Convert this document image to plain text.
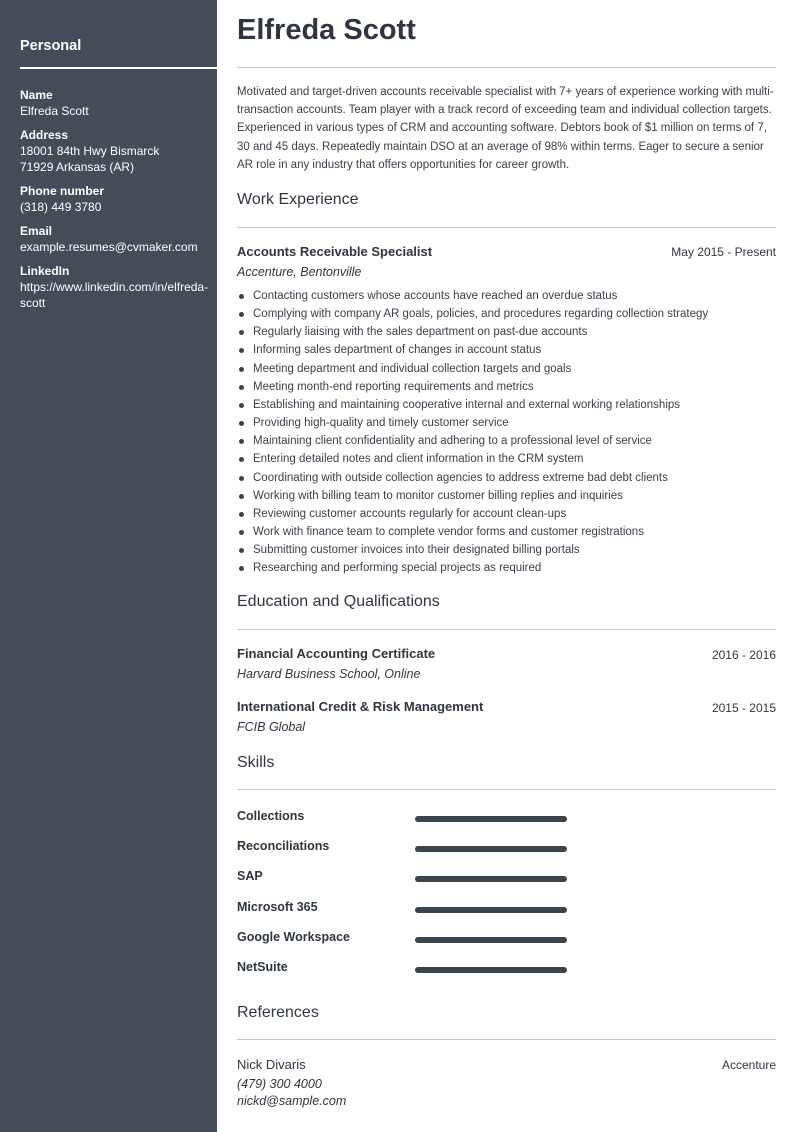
Personal
Name
Elfreda Scott
Address
18001 84th Hwy Bismarck
71929 Arkansas (AR)
Phone number
(318) 449 3780
Email
example.resumes@cvmaker.com
LinkedIn
https://www.linkedin.com/in/elfreda-
scott
Elfreda Scott
Motivated and target-driven accounts receivable specialist with 7+ years of experience working with multi-transaction accounts. Team player with a track record of exceeding team and individual collection targets. Experienced in various types of CRM and accounting software. Debtors book of $1 million on terms of 7, 30 and 45 days. Repeatedly maintain DSO at an average of 98% within terms. Eager to secure a senior AR role in any industry that offers opportunities for career growth.
Work Experience
Accounts Receivable Specialist	May 2015 - Present
Accenture, Bentonville
Contacting customers whose accounts have reached an overdue status
Complying with company AR goals, policies, and procedures regarding collection strategy
Regularly liaising with the sales department on past-due accounts
Informing sales department of changes in account status
Meeting department and individual collection targets and goals
Meeting month-end reporting requirements and metrics
Establishing and maintaining cooperative internal and external working relationships
Providing high-quality and timely customer service
Maintaining client confidentiality and adhering to a professional level of service
Entering detailed notes and client information in the CRM system
Coordinating with outside collection agencies to address extreme bad debt clients
Working with billing team to monitor customer billing replies and inquiries
Reviewing customer accounts regularly for account clean-ups
Work with finance team to complete vendor forms and customer registrations
Submitting customer invoices into their designated billing portals
Researching and performing special projects as required
Education and Qualifications
Financial Accounting Certificate	2016 - 2016
Harvard Business School, Online
International Credit & Risk Management	2015 - 2015
FCIB Global
Skills
Collections
Reconciliations
SAP
Microsoft 365
Google Workspace
NetSuite
References
Nick Divaris	Accenture
(479) 300 4000
nickd@sample.com
